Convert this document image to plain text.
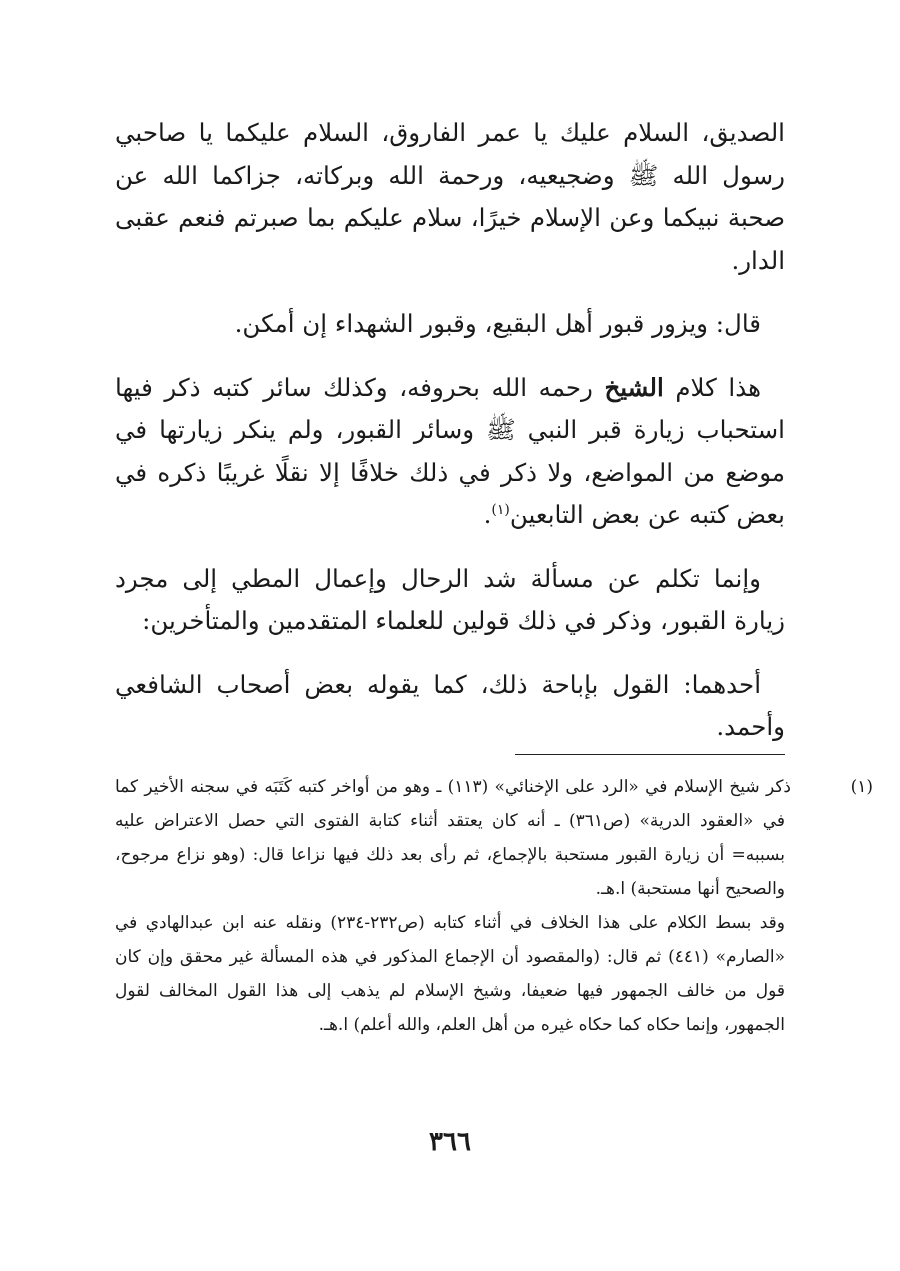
الصديق، السلام عليك يا عمر الفاروق، السلام عليكما يا صاحبي رسول الله ﷺ وضجيعيه، ورحمة الله وبركاته، جزاكما الله عن صحبة نبيكما وعن الإسلام خيرًا، سلام عليكم بما صبرتم فنعم عقبى الدار.

قال: ويزور قبور أهل البقيع، وقبور الشهداء إن أمكن.

هذا كلام الشيخ رحمه الله بحروفه، وكذلك سائر كتبه ذكر فيها استحباب زيارة قبر النبي ﷺ وسائر القبور، ولم ينكر زيارتها في موضع من المواضع، ولا ذكر في ذلك خلافًا إلا نقلًا غريبًا ذكره في بعض كتبه عن بعض التابعين$^{(١)}$.

وإنما تكلم عن مسألة شد الرحال وإعمال المطي إلى مجرد زيارة القبور، وذكر في ذلك قولين للعلماء المتقدمين والمتأخرين:

أحدهما: القول بإباحة ذلك، كما يقوله بعض أصحاب الشافعي وأحمد.

(١)ذكر شيخ الإسلام في «الرد على الإخنائي» (١١٣) ـ وهو من أواخر كتبه كَتَبَه في سجنه الأخير كما في «العقود الدرية» (ص٣٦١) ـ أنه كان يعتقد أثناء كتابة الفتوى التي حصل الاعتراض عليه بسببه= أن زيارة القبور مستحبة بالإجماع، ثم رأى بعد ذلك فيها نزاعا قال: (وهو نزاع مرجوح، والصحيح أنها مستحبة) ا.هـ.

وقد بسط الكلام على هذا الخلاف في أثناء كتابه (ص٢٣٢-٢٣٤) ونقله عنه ابن عبدالهادي في «الصارم» (٤٤١) ثم قال: (والمقصود أن الإجماع المذكور في هذه المسألة غير محقق وإن كان قول من خالف الجمهور فيها ضعيفا، وشيخ الإسلام لم يذهب إلى هذا القول المخالف لقول الجمهور، وإنما حكاه كما حكاه غيره من أهل العلم، والله أعلم) ا.هـ.

٣٦٦
